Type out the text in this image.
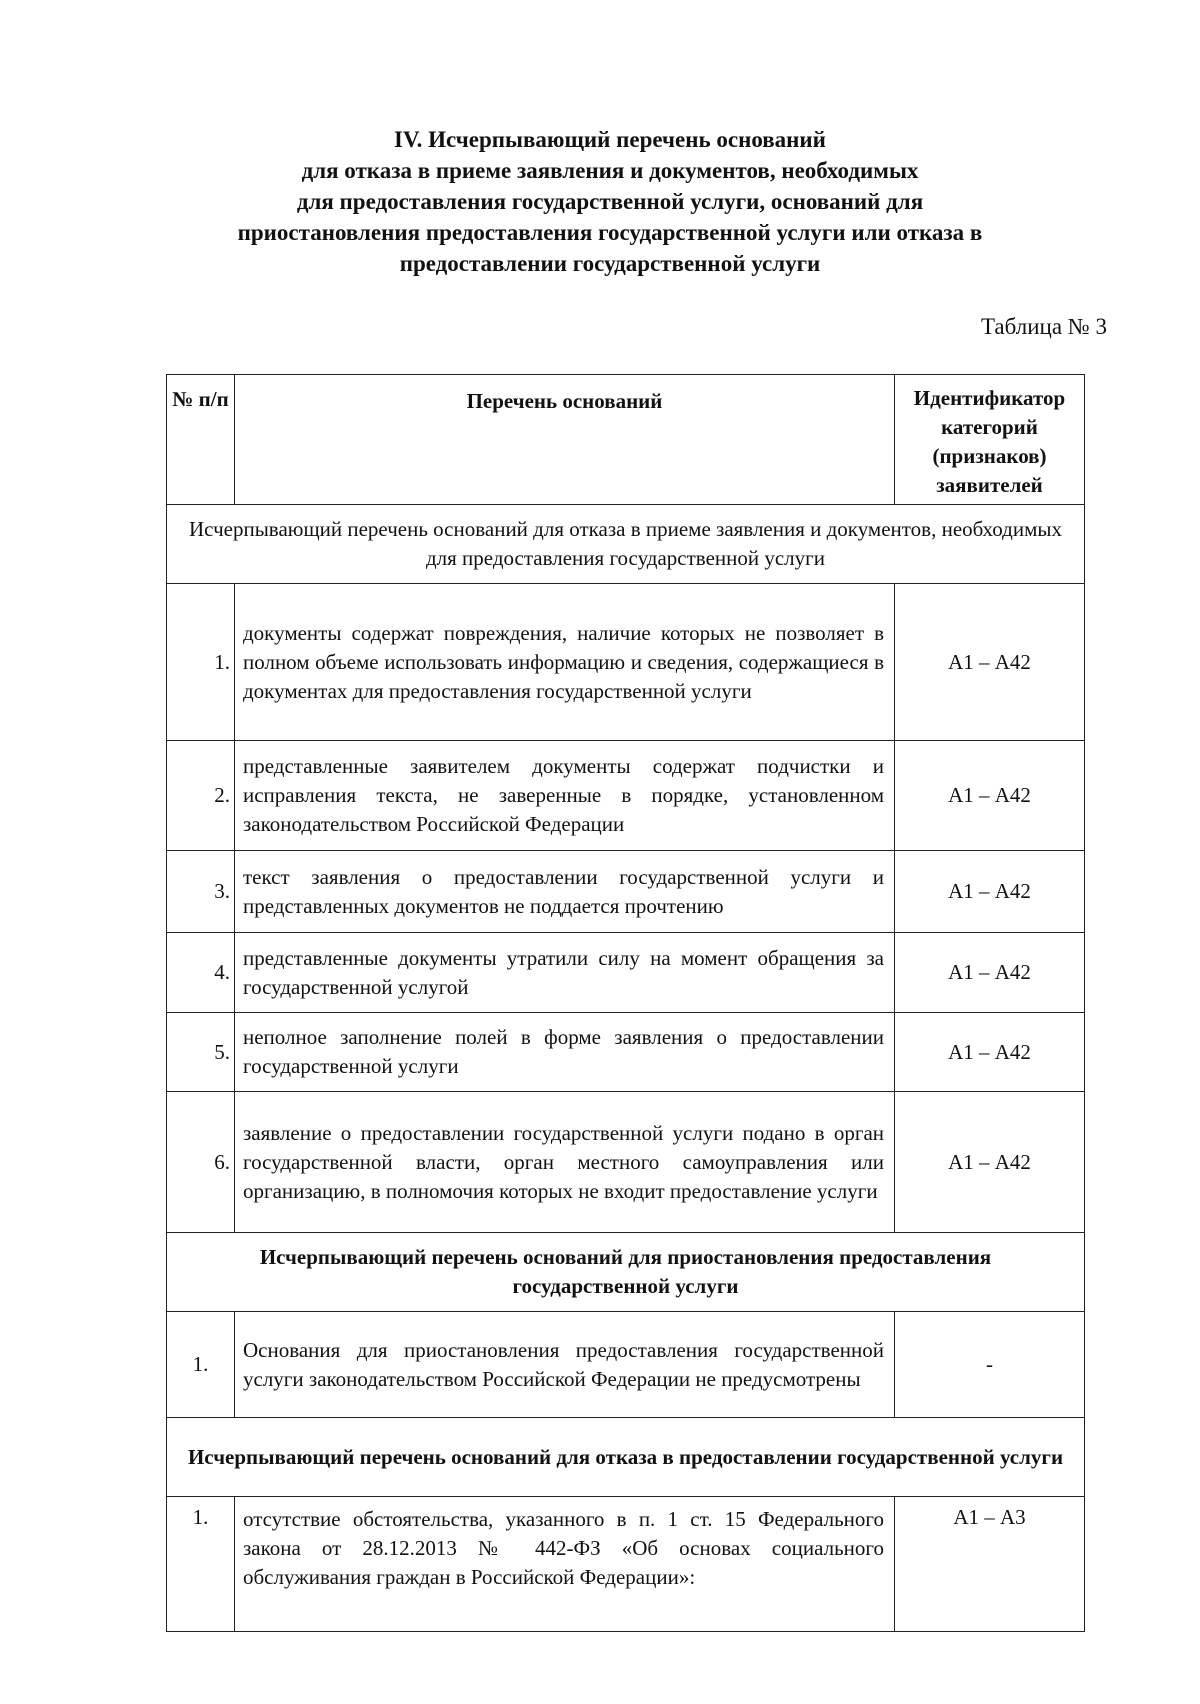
IV. Исчерпывающий перечень оснований
для отказа в приеме заявления и документов, необходимых
для предоставления государственной услуги, оснований для
приостановления предоставления государственной услуги или отказа в
предоставлении государственной услуги
Таблица № 3
№ п/п	Перечень оснований	Идентификатор категорий (признаков) заявителей
Исчерпывающий перечень оснований для отказа в приеме заявления и документов, необходимых для предоставления государственной услуги		
1.	документы содержат повреждения, наличие которых не позволяет в полном объеме использовать информацию и сведения, содержащиеся в документах для предоставления государственной услуги	А1 – А42
2.	представленные заявителем документы содержат подчистки и исправления текста, не заверенные в порядке, установленном законодательством Российской Федерации	А1 – А42
3.	текст заявления о предоставлении государственной услуги и представленных документов не поддается прочтению	А1 – А42
4.	представленные документы утратили силу на момент обращения за государственной услугой	А1 – А42
5.	неполное заполнение полей в форме заявления о предоставлении государственной услуги	А1 – А42
6.	заявление о предоставлении государственной услуги подано в орган государственной власти, орган местного самоуправления или организацию, в полномочия которых не входит предоставление услуги	А1 – А42
Исчерпывающий перечень оснований для приостановления предоставления государственной услуги		
1.	Основания для приостановления предоставления государственной услуги законодательством Российской Федерации не предусмотрены	-
Исчерпывающий перечень оснований для отказа в предоставлении государственной услуги		
1.	отсутствие обстоятельства, указанного в п. 1 ст. 15 Федерального закона от 28.12.2013 № 442-ФЗ «Об основах социального обслуживания граждан в Российской Федерации»:	А1 – А3
